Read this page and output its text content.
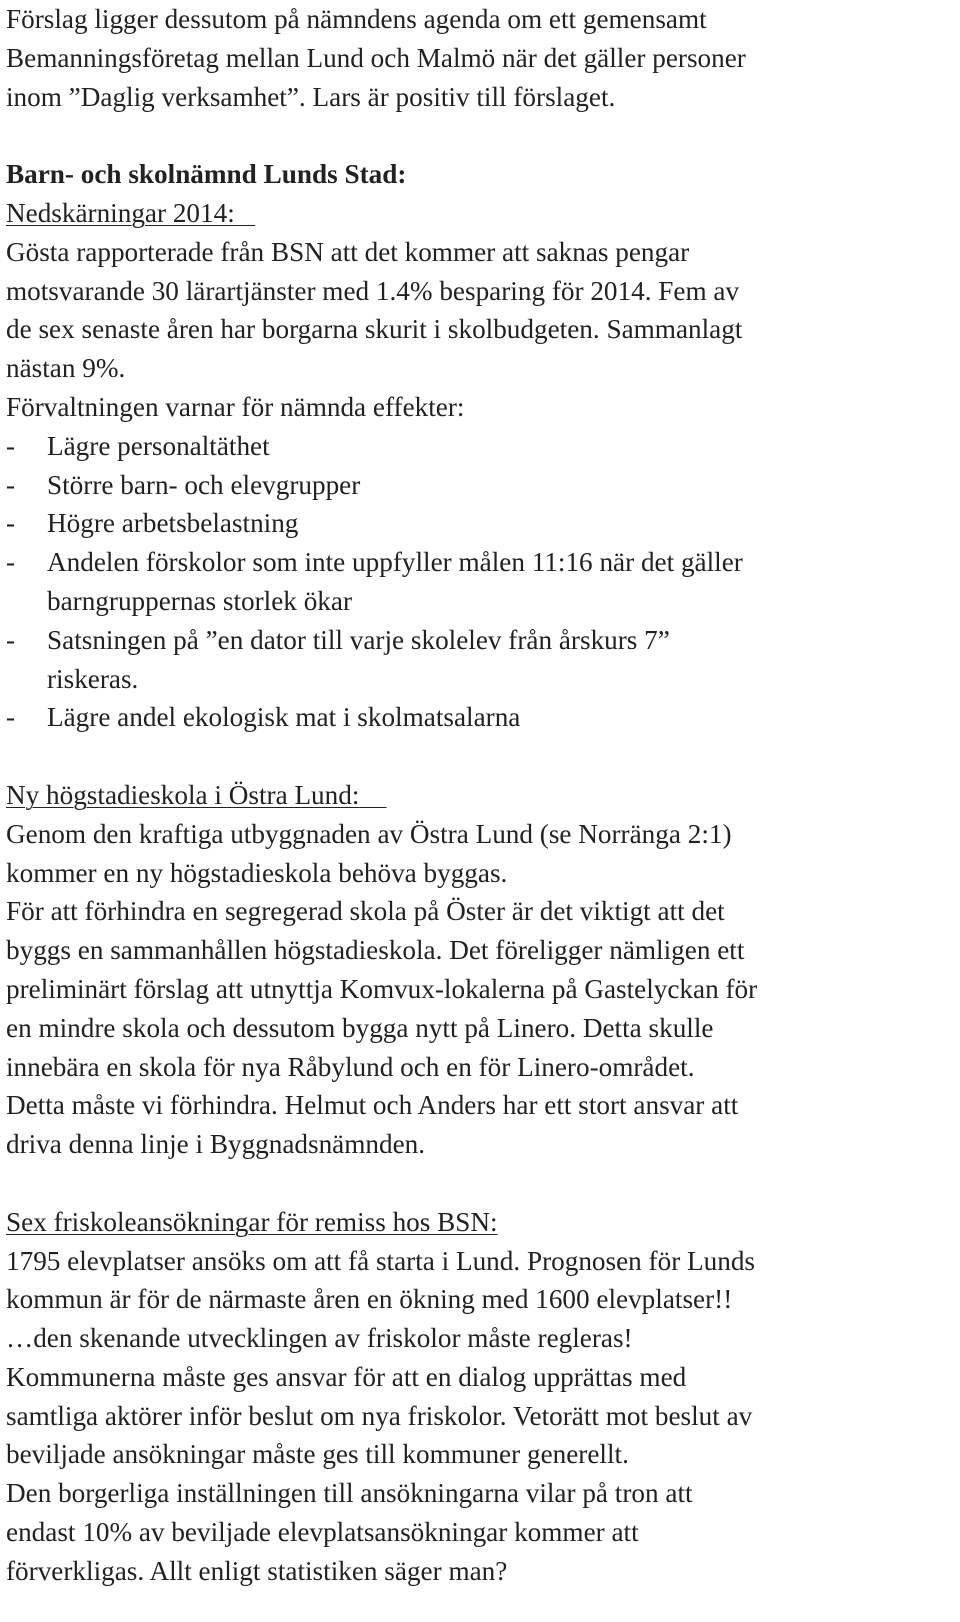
Förslag ligger dessutom på nämndens agenda om ett gemensamt
Bemanningsföretag mellan Lund och Malmö när det gäller personer
inom ”Daglig verksamhet”. Lars är positiv till förslaget.
Barn- och skolnämnd Lunds Stad:
Nedskärningar 2014:
Gösta rapporterade från BSN att det kommer att saknas pengar
motsvarande 30 lärartjänster med 1.4% besparing för 2014. Fem av
de sex senaste åren har borgarna skurit i skolbudgeten. Sammanlagt
nästan 9%.
Förvaltningen varnar för nämnda effekter:
- Lägre personaltäthet
- Större barn- och elevgrupper
- Högre arbetsbelastning
- Andelen förskolor som inte uppfyller målen 11:16 när det gäller
barngruppernas storlek ökar
- Satsningen på ”en dator till varje skolelev från årskurs 7”
riskeras.
- Lägre andel ekologisk mat i skolmatsalarna
Ny högstadieskola i Östra Lund:
Genom den kraftiga utbyggnaden av Östra Lund (se Norränga 2:1)
kommer en ny högstadieskola behöva byggas.
För att förhindra en segregerad skola på Öster är det viktigt att det
byggs en sammanhållen högstadieskola. Det föreligger nämligen ett
preliminärt förslag att utnyttja Komvux-lokalerna på Gastelyckan för
en mindre skola och dessutom bygga nytt på Linero. Detta skulle
innebära en skola för nya Råbylund och en för Linero-området.
Detta måste vi förhindra. Helmut och Anders har ett stort ansvar att
driva denna linje i Byggnadsnämnden.
Sex friskoleansökningar för remiss hos BSN:
1795 elevplatser ansöks om att få starta i Lund. Prognosen för Lunds
kommun är för de närmaste åren en ökning med 1600 elevplatser!!
…den skenande utvecklingen av friskolor måste regleras!
Kommunerna måste ges ansvar för att en dialog upprättas med
samtliga aktörer inför beslut om nya friskolor. Vetorätt mot beslut av
beviljade ansökningar måste ges till kommuner generellt.
Den borgerliga inställningen till ansökningarna vilar på tron att
endast 10% av beviljade elevplatsansökningar kommer att
förverkligas. Allt enligt statistiken säger man?
